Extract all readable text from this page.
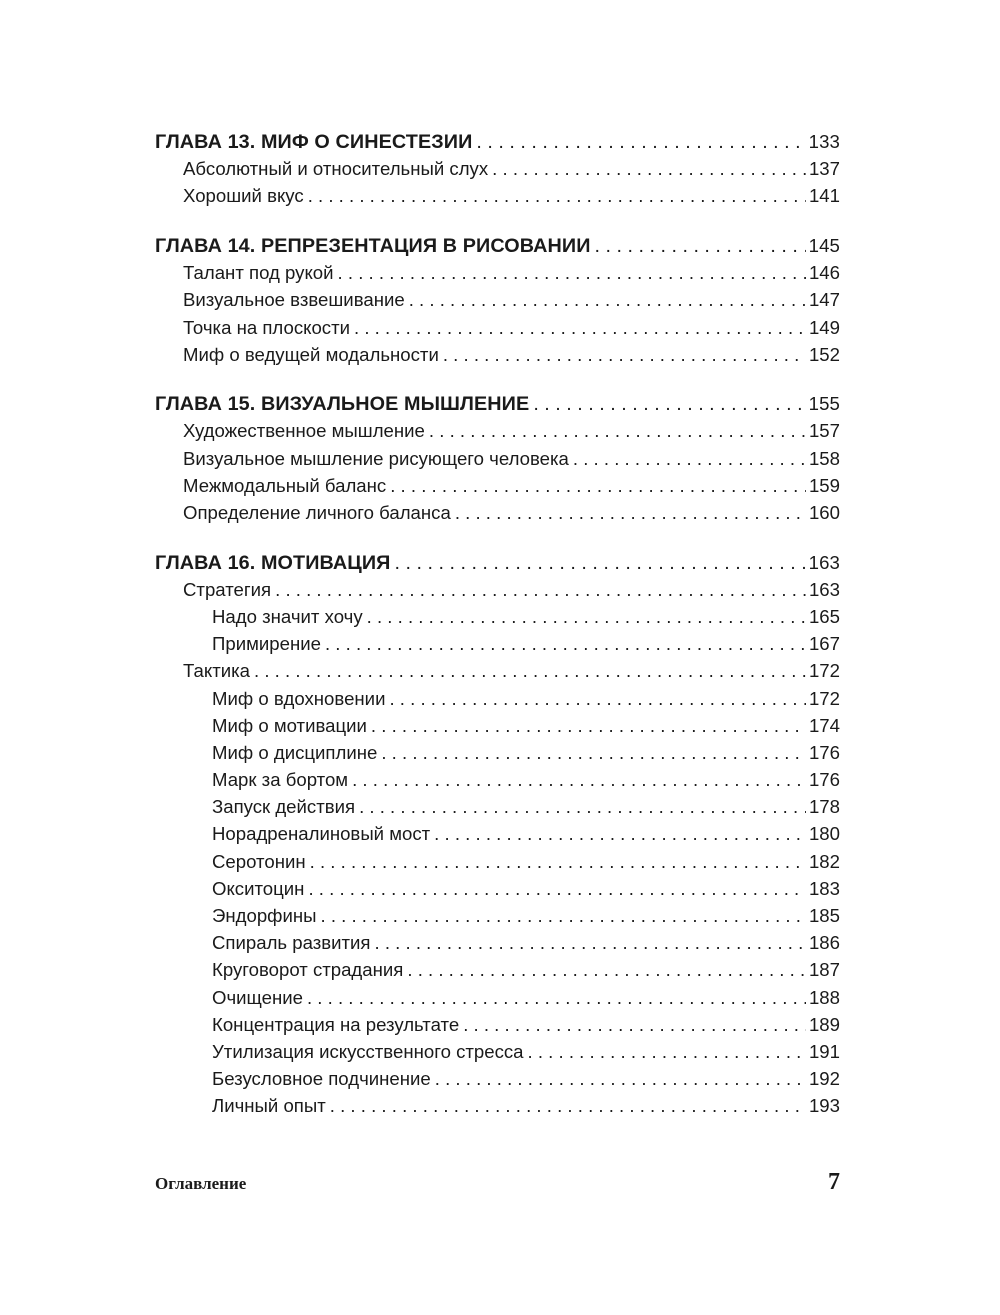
ГЛАВА 13. МИФ О СИНЕСТЕЗИИ . . .	133
Абсолютный и относительный слух . . .	137
Хороший вкус . . .	141
ГЛАВА 14. РЕПРЕЗЕНТАЦИЯ В РИСОВАНИИ . . .	145
Талант под рукой . . .	146
Визуальное взвешивание . . .	147
Точка на плоскости . . .	149
Миф о ведущей модальности . . .	152
ГЛАВА 15. ВИЗУАЛЬНОЕ МЫШЛЕНИЕ . . .	155
Художественное мышление . . .	157
Визуальное мышление рисующего человека . . .	158
Межмодальный баланс . . .	159
Определение личного баланса . . .	160
ГЛАВА 16. МОТИВАЦИЯ . . .	163
Стратегия . . .	163
Надо значит хочу . . .	165
Примирение . . .	167
Тактика . . .	172
Миф о вдохновении . . .	172
Миф о мотивации . . .	174
Миф о дисциплине . . .	176
Марк за бортом . . .	176
Запуск действия . . .	178
Норадреналиновый мост . . .	180
Серотонин . . .	182
Окситоцин . . .	183
Эндорфины . . .	185
Спираль развития . . .	186
Круговорот страдания . . .	187
Очищение . . .	188
Концентрация на результате . . .	189
Утилизация искусственного стресса . . .	191
Безусловное подчинение . . .	192
Личный опыт . . .	193
Оглавление	7
